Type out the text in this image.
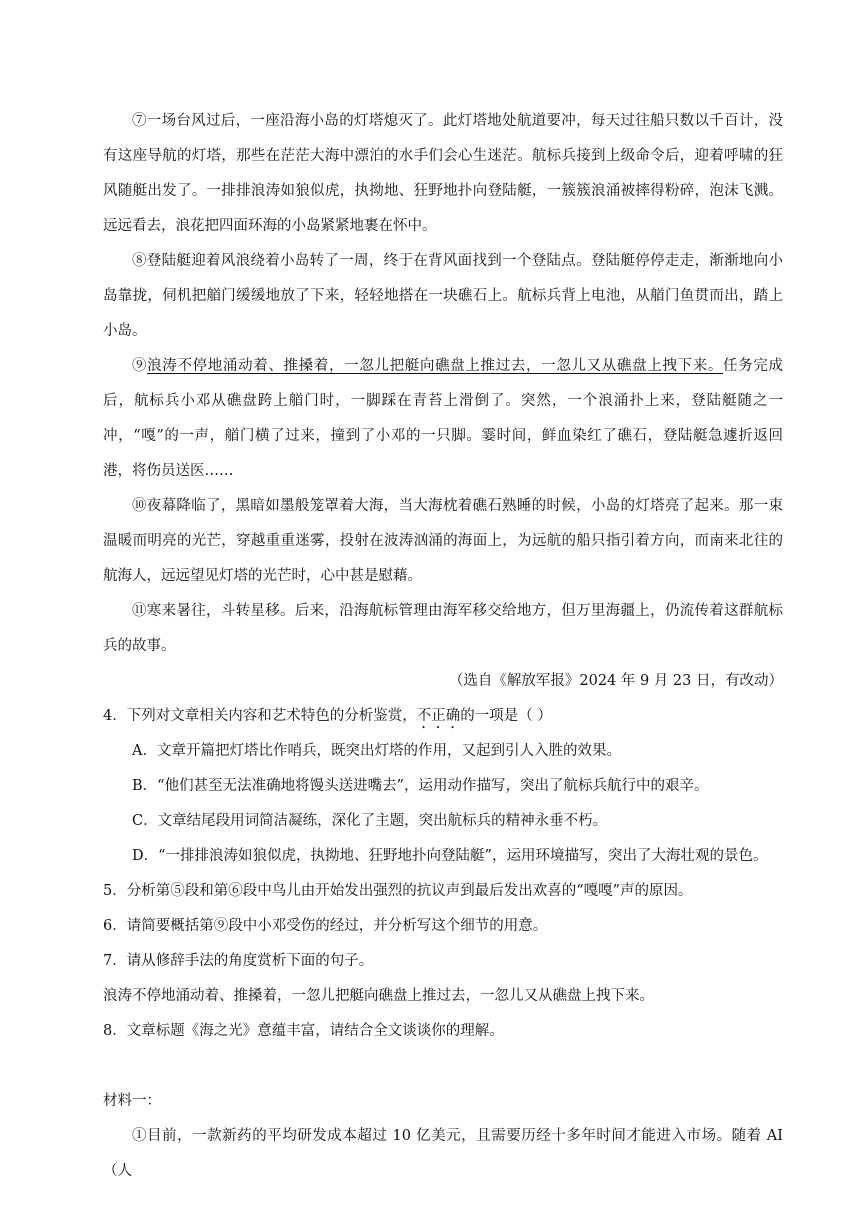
⑦一场台风过后，一座沿海小岛的灯塔熄灭了。此灯塔地处航道要冲，每天过往船只数以千百计，没有这座导航的灯塔，那些在茫茫大海中漂泊的水手们会心生迷茫。航标兵接到上级命令后，迎着呼啸的狂风随艇出发了。一排排浪涛如狼似虎，执拗地、狂野地扑向登陆艇，一簇簇浪涌被摔得粉碎，泡沫飞溅。远远看去，浪花把四面环海的小岛紧紧地裹在怀中。

⑧登陆艇迎着风浪绕着小岛转了一周，终于在背风面找到一个登陆点。登陆艇停停走走，渐渐地向小岛靠拢，伺机把艏门缓缓地放了下来，轻轻地搭在一块礁石上。航标兵背上电池，从艏门鱼贯而出，踏上小岛。

⑨浪涛不停地涌动着、推搡着，一忽儿把艇向礁盘上推过去，一忽儿又从礁盘上拽下来。任务完成后，航标兵小邓从礁盘跨上艏门时，一脚踩在青苔上滑倒了。突然，一个浪涌扑上来，登陆艇随之一冲，“嘎”的一声，艏门横了过来，撞到了小邓的一只脚。霎时间，鲜血染红了礁石，登陆艇急遽折返回港，将伤员送医……

⑩夜幕降临了，黑暗如墨般笼罩着大海，当大海枕着礁石熟睡的时候，小岛的灯塔亮了起来。那一束温暖而明亮的光芒，穿越重重迷雾，投射在波涛汹涌的海面上，为远航的船只指引着方向，而南来北往的航海人，远远望见灯塔的光芒时，心中甚是慰藉。

⑪寒来暑往，斗转星移。后来，沿海航标管理由海军移交给地方，但万里海疆上，仍流传着这群航标兵的故事。

（选自《解放军报》2024 年 9 月 23 日，有改动）

4．下列对文章相关内容和艺术特色的分析鉴赏，不正确的一项是（ ）

A．文章开篇把灯塔比作哨兵，既突出灯塔的作用，又起到引人入胜的效果。

B．“他们甚至无法准确地将馒头送进嘴去”，运用动作描写，突出了航标兵航行中的艰辛。

C．文章结尾段用词简洁凝练，深化了主题，突出航标兵的精神永垂不朽。

D．“一排排浪涛如狼似虎，执拗地、狂野地扑向登陆艇”，运用环境描写，突出了大海壮观的景色。

5．分析第⑤段和第⑥段中鸟儿由开始发出强烈的抗议声到最后发出欢喜的“嘎嘎”声的原因。

6．请简要概括第⑨段中小邓受伤的经过，并分析写这个细节的用意。

7．请从修辞手法的角度赏析下面的句子。

浪涛不停地涌动着、推搡着，一忽儿把艇向礁盘上推过去，一忽儿又从礁盘上拽下来。

8．文章标题《海之光》意蕴丰富，请结合全文谈谈你的理解。

材料一：

①目前，一款新药的平均研发成本超过 10 亿美元，且需要历经十多年时间才能进入市场。随着 AI（人
